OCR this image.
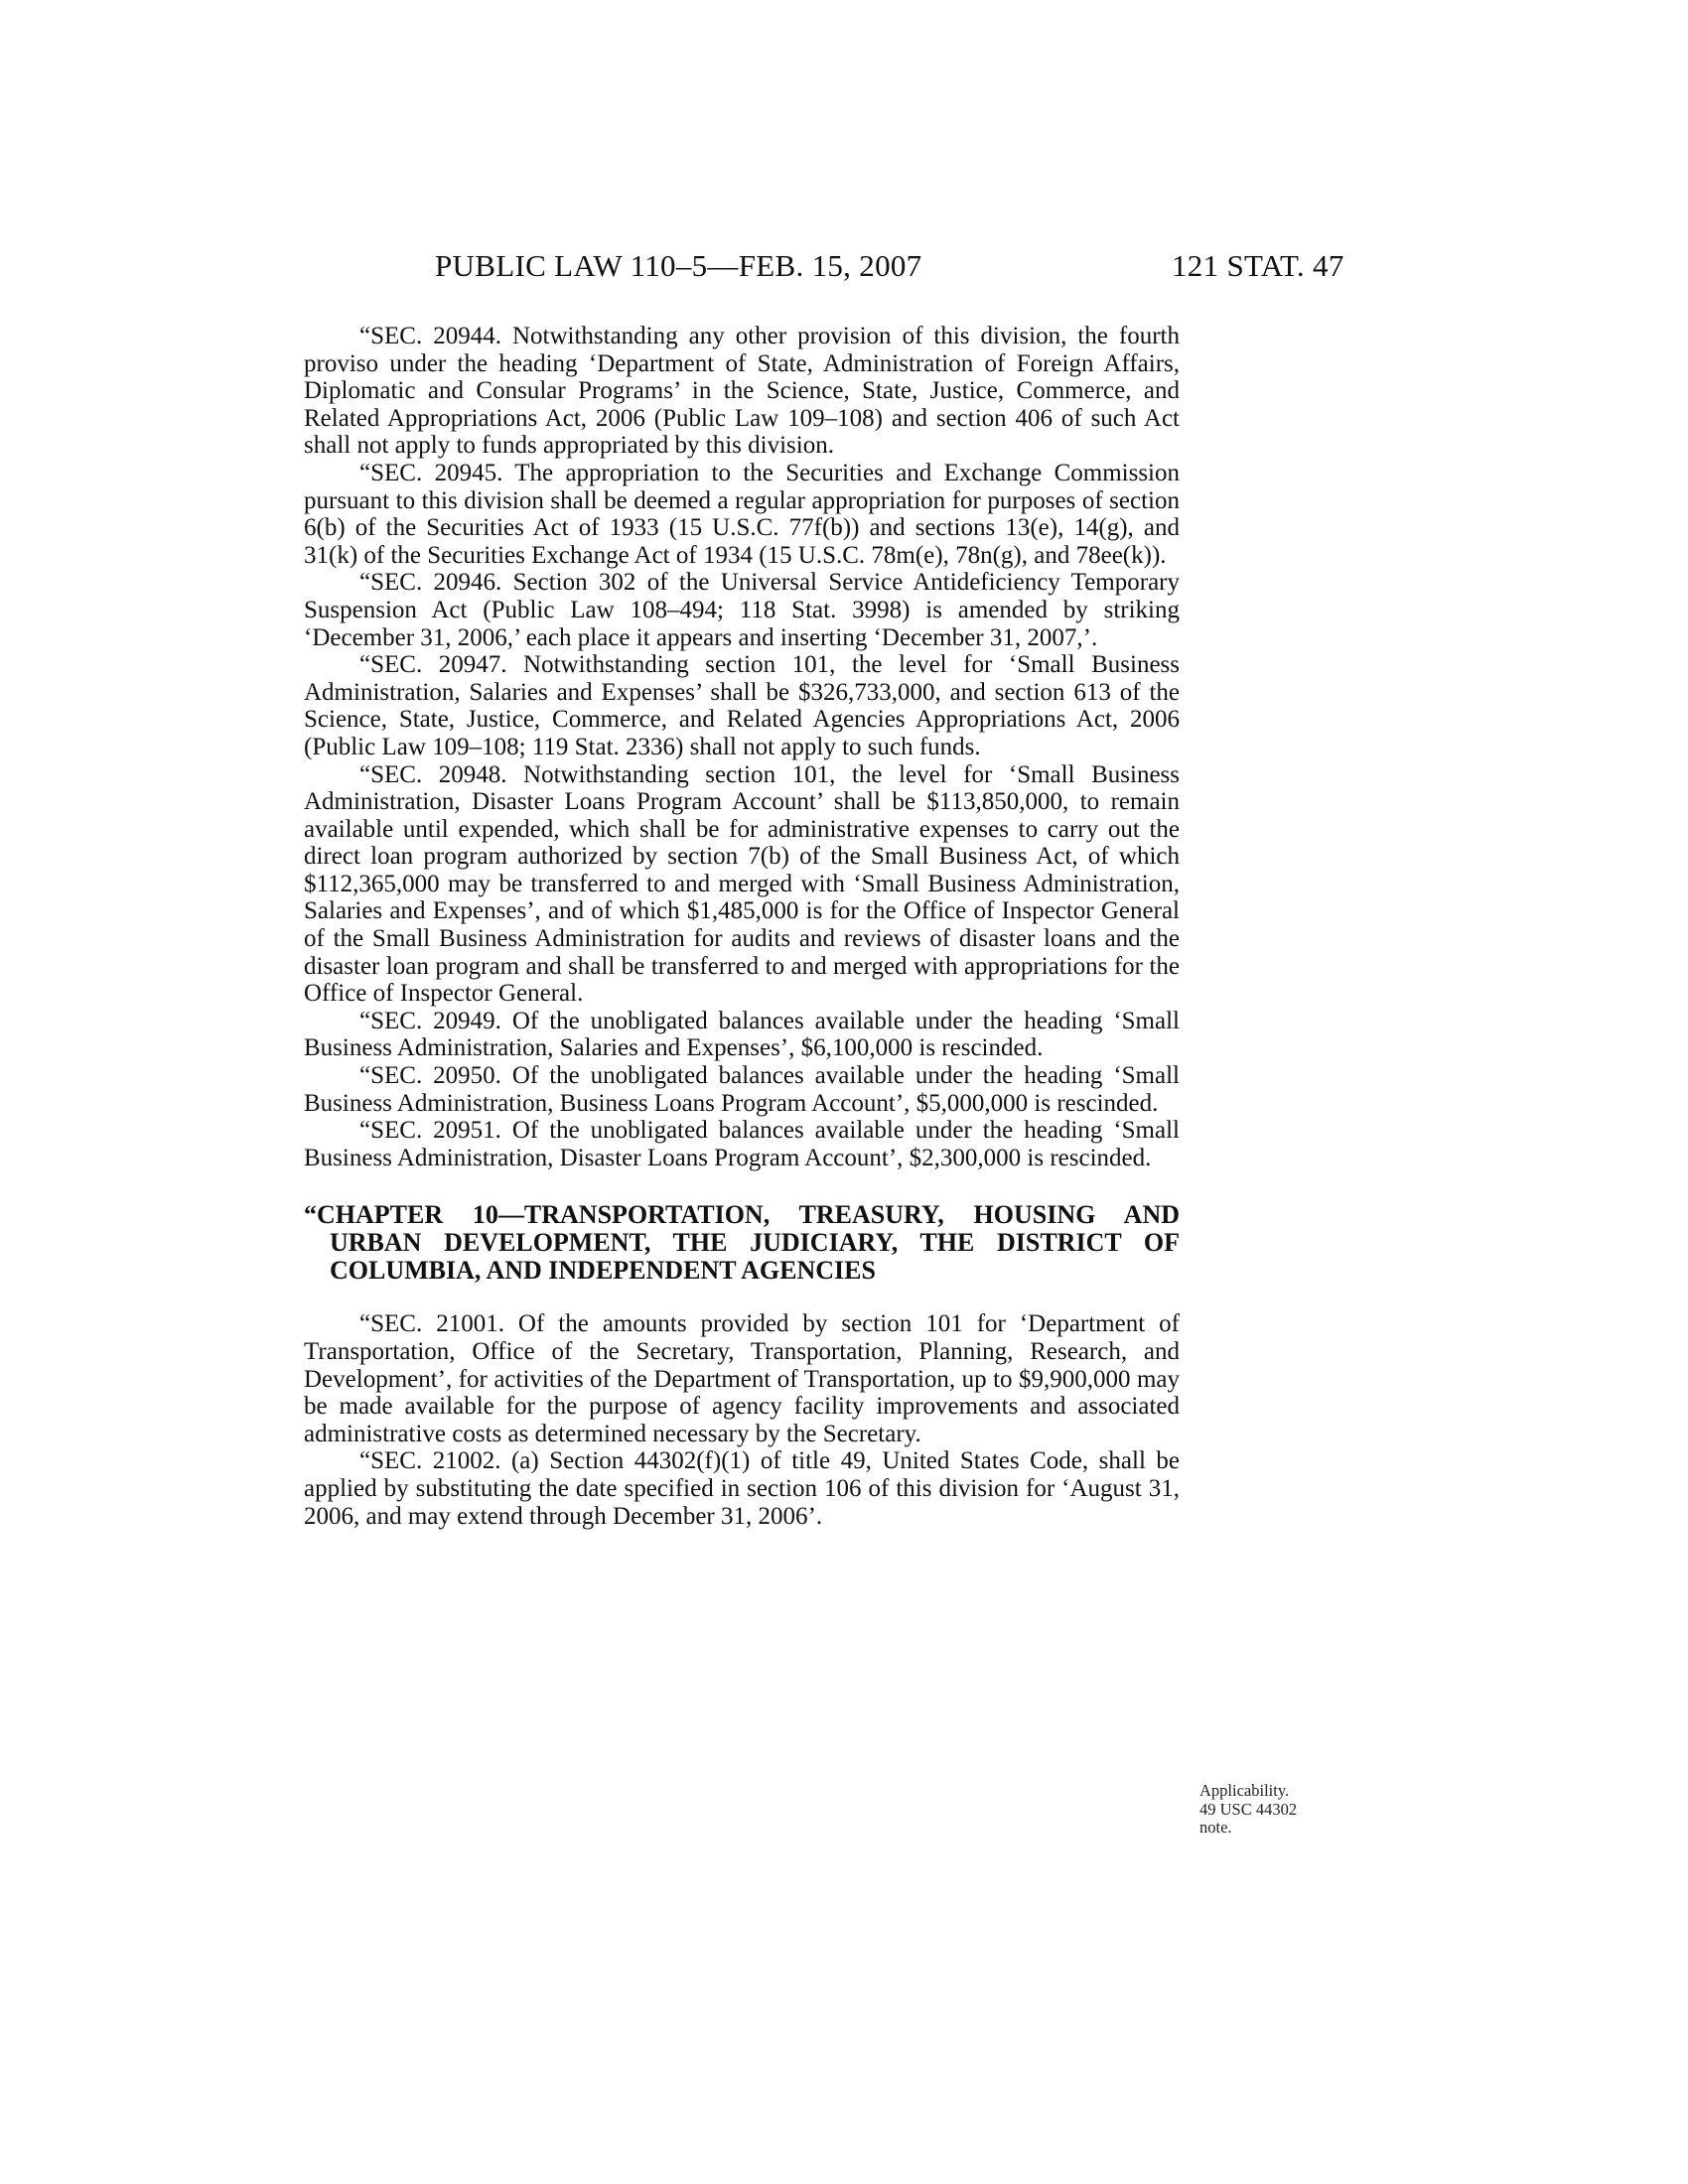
PUBLIC LAW 110–5—FEB. 15, 2007	121 STAT. 47

“SEC. 20944. Notwithstanding any other provision of this division, the fourth proviso under the heading ‘Department of State, Administration of Foreign Affairs, Diplomatic and Consular Programs’ in the Science, State, Justice, Commerce, and Related Appropriations Act, 2006 (Public Law 109–108) and section 406 of such Act shall not apply to funds appropriated by this division.

“SEC. 20945. The appropriation to the Securities and Exchange Commission pursuant to this division shall be deemed a regular appropriation for purposes of section 6(b) of the Securities Act of 1933 (15 U.S.C. 77f(b)) and sections 13(e), 14(g), and 31(k) of the Securities Exchange Act of 1934 (15 U.S.C. 78m(e), 78n(g), and 78ee(k)).

“SEC. 20946. Section 302 of the Universal Service Antideficiency Temporary Suspension Act (Public Law 108–494; 118 Stat. 3998) is amended by striking ‘December 31, 2006,’ each place it appears and inserting ‘December 31, 2007,’.

“SEC. 20947. Notwithstanding section 101, the level for ‘Small Business Administration, Salaries and Expenses’ shall be $326,733,000, and section 613 of the Science, State, Justice, Commerce, and Related Agencies Appropriations Act, 2006 (Public Law 109–108; 119 Stat. 2336) shall not apply to such funds.

“SEC. 20948. Notwithstanding section 101, the level for ‘Small Business Administration, Disaster Loans Program Account’ shall be $113,850,000, to remain available until expended, which shall be for administrative expenses to carry out the direct loan program authorized by section 7(b) of the Small Business Act, of which $112,365,000 may be transferred to and merged with ‘Small Business Administration, Salaries and Expenses’, and of which $1,485,000 is for the Office of Inspector General of the Small Business Administration for audits and reviews of disaster loans and the disaster loan program and shall be transferred to and merged with appropriations for the Office of Inspector General.

“SEC. 20949. Of the unobligated balances available under the heading ‘Small Business Administration, Salaries and Expenses’, $6,100,000 is rescinded.

“SEC. 20950. Of the unobligated balances available under the heading ‘Small Business Administration, Business Loans Program Account’, $5,000,000 is rescinded.

“SEC. 20951. Of the unobligated balances available under the heading ‘Small Business Administration, Disaster Loans Program Account’, $2,300,000 is rescinded.

“CHAPTER 10—TRANSPORTATION, TREASURY, HOUSING AND URBAN DEVELOPMENT, THE JUDICIARY, THE DISTRICT OF COLUMBIA, AND INDEPENDENT AGENCIES

“SEC. 21001. Of the amounts provided by section 101 for ‘Department of Transportation, Office of the Secretary, Transportation, Planning, Research, and Development’, for activities of the Department of Transportation, up to $9,900,000 may be made available for the purpose of agency facility improvements and associated administrative costs as determined necessary by the Secretary.

“SEC. 21002. (a) Section 44302(f)(1) of title 49, United States Code, shall be applied by substituting the date specified in section 106 of this division for ‘August 31, 2006, and may extend through December 31, 2006’.

Applicability.
49 USC 44302
note.
